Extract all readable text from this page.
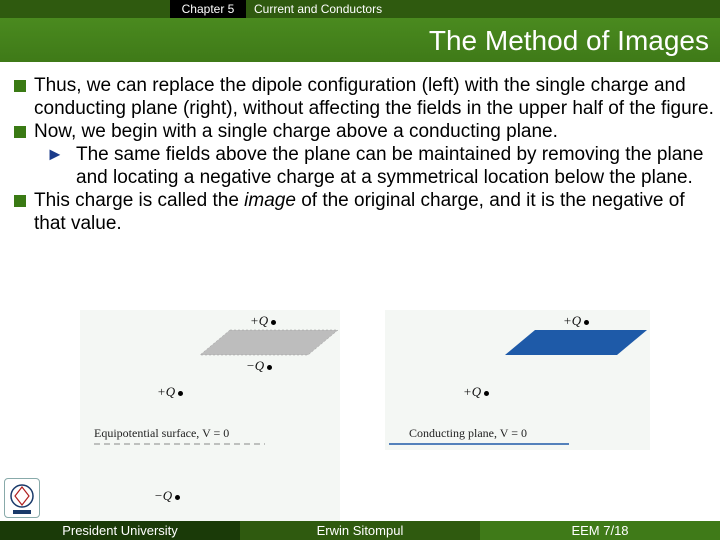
Chapter 5	Current and Conductors
The Method of Images
Thus, we can replace the dipole configuration (left) with the single charge and conducting plane (right), without affecting the fields in the upper half of the figure.
Now, we begin with a single charge above a conducting plane.
► The same fields above the plane can be maintained by removing the plane and locating a negative charge at a symmetrical location below the plane.
This charge is called the image of the original charge, and it is the negative of that value.
+Q
−Q
+Q
Equipotential surface, V = 0
−Q
+Q
+Q
Conducting plane, V = 0
President University	Erwin Sitompul	EEM 7/18
